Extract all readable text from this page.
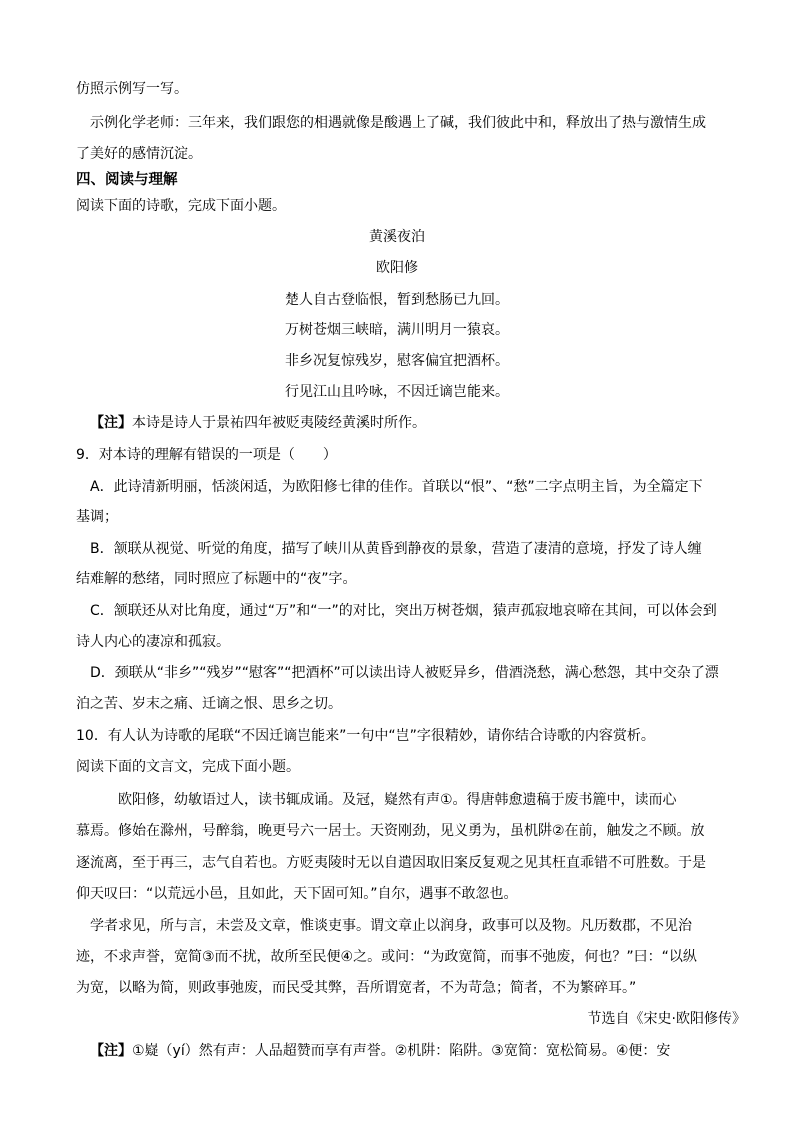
仿照示例写一写。
示例化学老师：三年来，我们跟您的相遇就像是酸遇上了碱，我们彼此中和，释放出了热与激情生成
了美好的感情沉淀。
四、阅读与理解
阅读下面的诗歌，完成下面小题。
黄溪夜泊
欧阳修
楚人自古登临恨，暂到愁肠已九回。
万树苍烟三峡暗，满川明月一猿哀。
非乡况复惊残岁，慰客偏宜把酒杯。
行见江山且吟咏，不因迁谪岂能来。
【注】本诗是诗人于景祐四年被贬夷陵经黄溪时所作。
9．对本诗的理解有错误的一项是（　　）
A．此诗清新明丽，恬淡闲适，为欧阳修七律的佳作。首联以“恨”、“愁”二字点明主旨，为全篇定下
基调；
B．颔联从视觉、听觉的角度，描写了峡川从黄昏到静夜的景象，营造了凄清的意境，抒发了诗人缠
结难解的愁绪，同时照应了标题中的“夜”字。
C．颔联还从对比角度，通过“万”和“一”的对比，突出万树苍烟，猿声孤寂地哀啼在其间，可以体会到
诗人内心的凄凉和孤寂。
D．颈联从“非乡”“残岁”“慰客”“把酒杯”可以读出诗人被贬异乡，借酒浇愁，满心愁怨，其中交杂了漂
泊之苦、岁末之痛、迁谪之恨、思乡之切。
10．有人认为诗歌的尾联“不因迁谪岂能来”一句中“岂”字很精妙，请你结合诗歌的内容赏析。
阅读下面的文言文，完成下面小题。
欧阳修，幼敏语过人，读书辄成诵。及冠，嶷然有声①。得唐韩愈遗稿于废书簏中，读而心
慕焉。修始在滁州，号醉翁，晚更号六一居士。天资刚劲，见义勇为，虽机阱②在前，触发之不顾。放
逐流离，至于再三，志气自若也。方贬夷陵时无以自遣因取旧案反复观之见其枉直乖错不可胜数。于是
仰天叹曰：“以荒远小邑，且如此，天下固可知。”自尔，遇事不敢忽也。
学者求见，所与言，未尝及文章，惟谈吏事。谓文章止以润身，政事可以及物。凡历数郡，不见治
迹，不求声誉，宽简③而不扰，故所至民便④之。或问：“为政宽简，而事不弛废，何也？”曰：“以纵
为宽，以略为简，则政事弛废，而民受其弊，吾所谓宽者，不为苛急；简者，不为繁碎耳。”
节选自《宋史·欧阳修传》
【注】①嶷（yí）然有声：人品超赞而享有声誉。②机阱：陷阱。③宽简：宽松简易。④便：安
